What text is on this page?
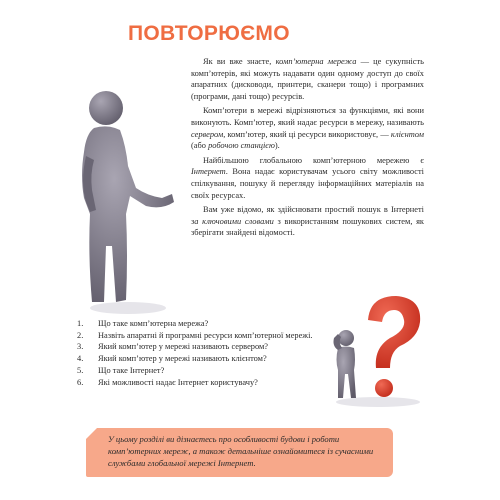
ПОВТОРЮЄМО

Як ви вже знаєте, комп’ютерна мережа — це сукупність комп’ютерів, які можуть надавати один одному доступ до своїх апаратних (дисководи, принтери, сканери тощо) і програмних (програми, дані тощо) ресурсів.

Комп’ютери в мережі відрізняються за функціями, які вони виконують. Комп’ютер, який надає ресурси в мережу, називають сервером, комп’ютер, який ці ресурси використовує, — клієнтом (або робочою станцією).

Найбільшою глобальною комп’ютерною мережею є Інтернет. Вона надає користувачам усього світу можливості спілкування, пошуку й перегляду інформаційних матеріалів на своїх ресурсах.

Вам уже відомо, як здійснювати простий пошук в Інтернеті за ключовими словами з використанням пошукових систем, як зберігати знайдені відомості.

1.	Що таке комп’ютерна мережа?
2.	Назвіть апаратні й програмні ресурси комп’ютерної мережі.
3.	Який комп’ютер у мережі називають сервером?
4.	Який комп’ютер у мережі називають клієнтом?
5.	Що таке Інтернет?
6.	Які можливості надає Інтернет користувачу?
У цьому розділі ви дізнаєтесь про особливості будови і роботи комп’ютерних мереж, а також детальніше ознайомитеся із сучасними службами глобальної мережі Інтернет.
